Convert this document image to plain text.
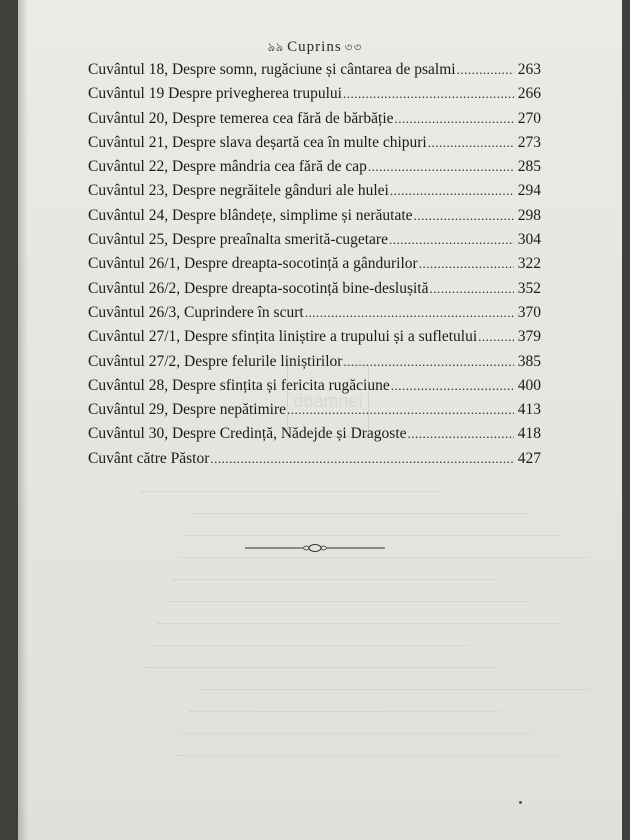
ঌঌ Cuprins ৩৩
Cuvântul 18, Despre somn, rugăciune și cântarea de psalmi .....	263
Cuvântul 19 Despre privegherea trupului .....	266
Cuvântul 20, Despre temerea cea fără de bărbăție .....	270
Cuvântul 21, Despre slava deșartă cea în multe chipuri .....	273
Cuvântul 22, Despre mândria cea fără de cap .....	285
Cuvântul 23, Despre negrăitele gânduri ale hulei .....	294
Cuvântul 24, Despre blândețe, simplime și nerăutate .....	298
Cuvântul 25, Despre preaînalta smerită-cugetare .....	304
Cuvântul 26/1, Despre dreapta-socotință a gândurilor .....	322
Cuvântul 26/2, Despre dreapta-socotință bine-deslușită .....	352
Cuvântul 26/3, Cuprindere în scurt .....	370
Cuvântul 27/1, Despre sfințita liniștire a trupului și a sufletului .....	379
Cuvântul 27/2, Despre felurile liniștirilor .....	385
Cuvântul 28, Despre sfințita și fericita rugăciune .....	400
Cuvântul 29, Despre nepătimire .....	413
Cuvântul 30, Despre Credință, Nădejde și Dragoste .....	418
Cuvânt către Păstor .....	427
doamnei
